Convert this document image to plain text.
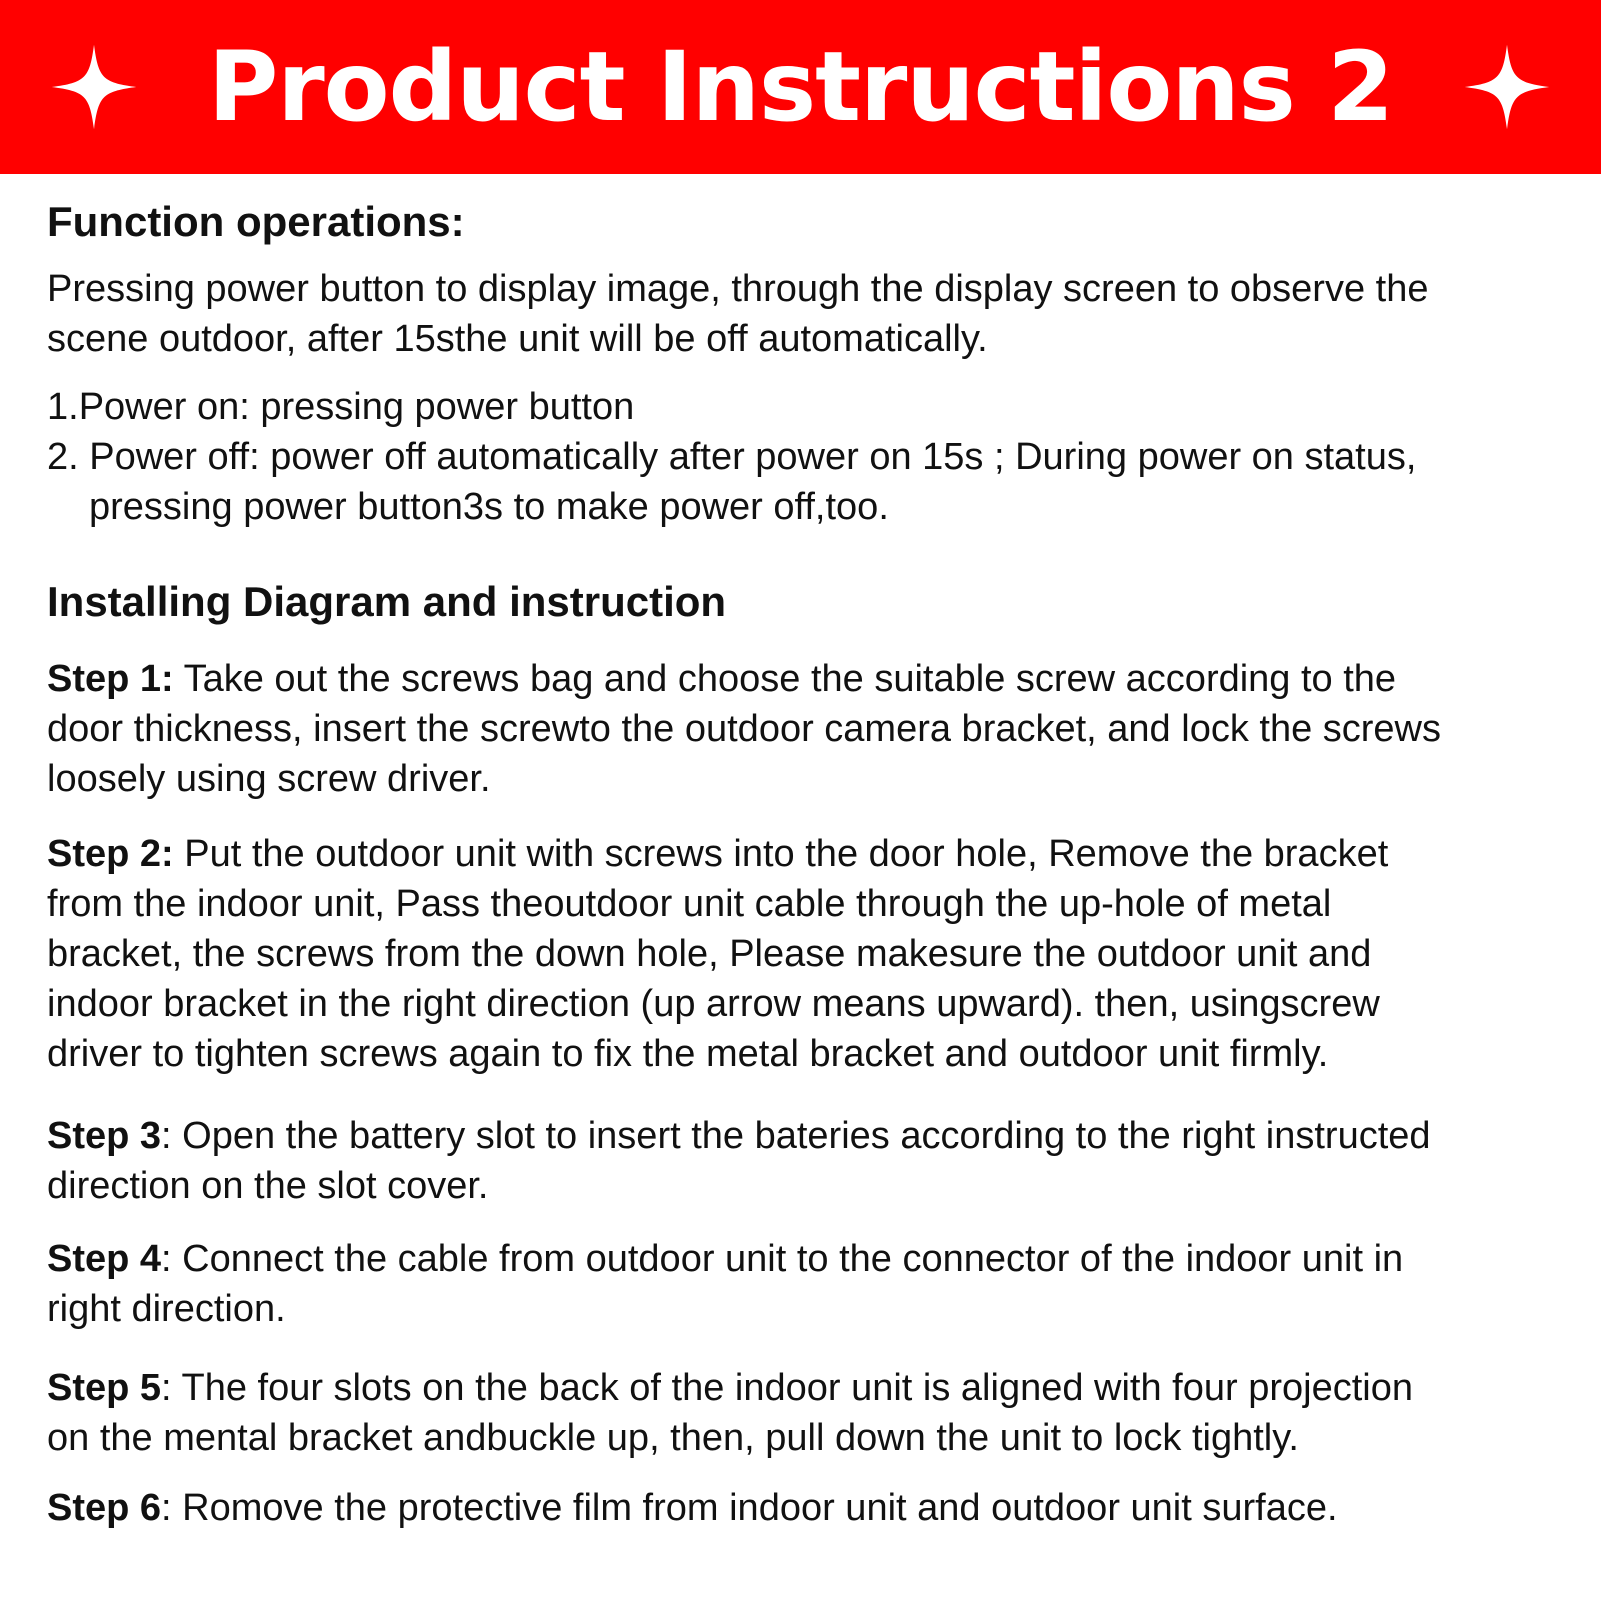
Product Instructions 2
Function operations:
Pressing power button to display image, through the display screen to observe the
scene outdoor, after 15sthe unit will be off automatically.
1.Power on: pressing power button
2. Power off: power off automatically after power on 15s ; During power on status,
pressing power button3s to make power off,too.
Installing Diagram and instruction
Step 1: Take out the screws bag and choose the suitable screw according to the
door thickness, insert the screwto the outdoor camera bracket, and lock the screws
loosely using screw driver.
Step 2: Put the outdoor unit with screws into the door hole, Remove the bracket
from the indoor unit, Pass theoutdoor unit cable through the up-hole of metal
bracket, the screws from the down hole, Please makesure the outdoor unit and
indoor bracket in the right direction (up arrow means upward). then, usingscrew
driver to tighten screws again to fix the metal bracket and outdoor unit firmly.
Step 3: Open the battery slot to insert the bateries according to the right instructed
direction on the slot cover.
Step 4: Connect the cable from outdoor unit to the connector of the indoor unit in
right direction.
Step 5: The four slots on the back of the indoor unit is aligned with four projection
on the mental bracket andbuckle up, then, pull down the unit to lock tightly.
Step 6: Romove the protective film from indoor unit and outdoor unit surface.
